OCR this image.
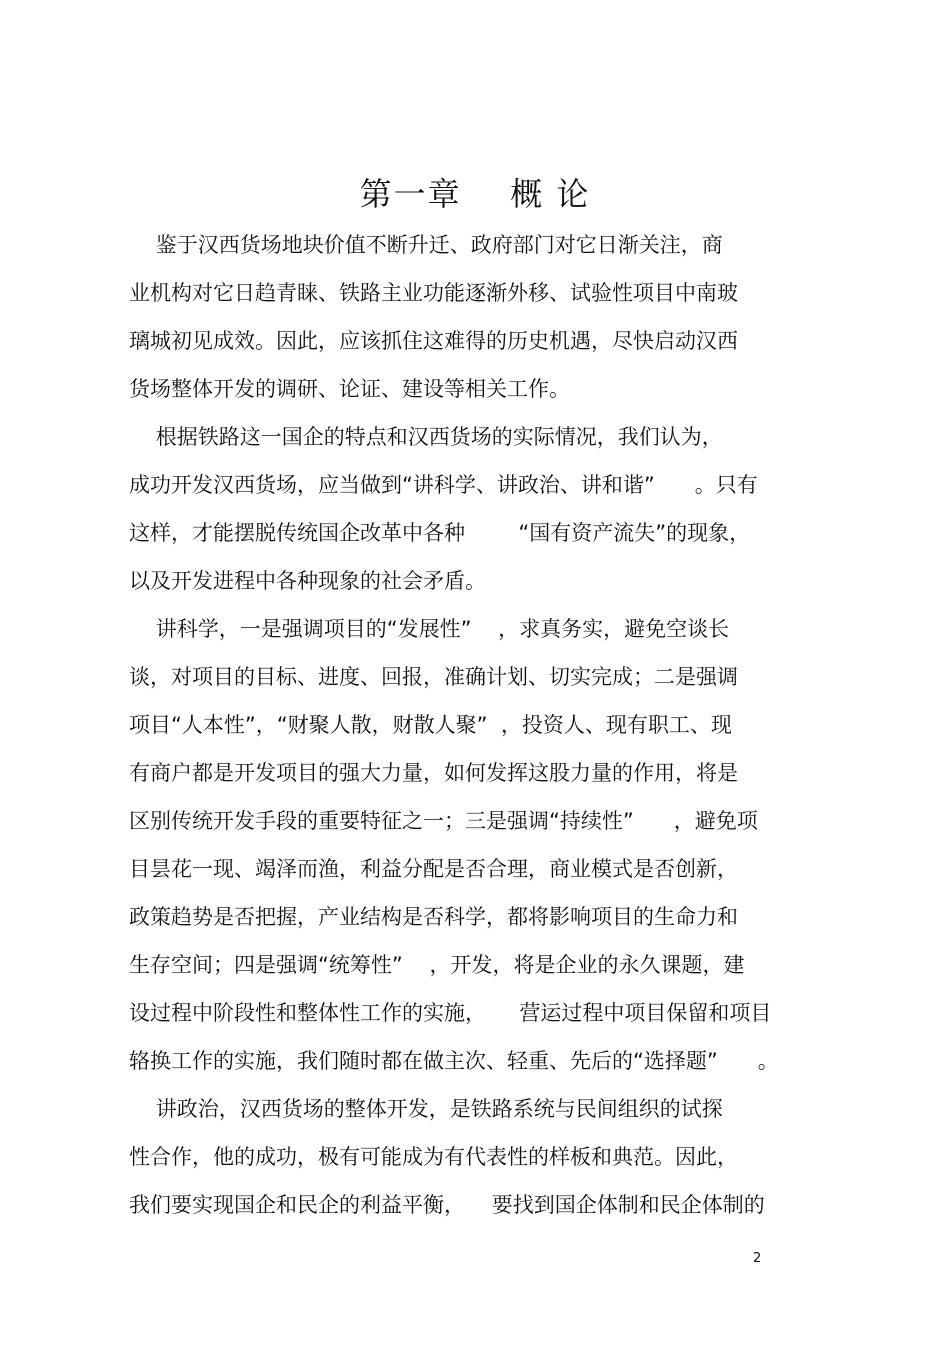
第一章    概 论
鉴于汉西货场地块价值不断升迁、政府部门对它日渐关注，商
业机构对它日趋青睐、铁路主业功能逐渐外移、试验性项目中南玻
璃城初见成效。因此，应该抓住这难得的历史机遇，尽快启动汉西
货场整体开发的调研、论证、建设等相关工作。
根据铁路这一国企的特点和汉西货场的实际情况，我们认为，
成功开发汉西货场，应当做到“讲科学、讲政治、讲和谐”      。只有
这样，才能摆脱传统国企改革中各种        “国有资产流失”的现象，
以及开发进程中各种现象的社会矛盾。
讲科学，一是强调项目的“发展性”    ，求真务实，避免空谈长
谈，对项目的目标、进度、回报，准确计划、切实完成；二是强调
项目“人本性”，“财聚人散，财散人聚”  ，投资人、现有职工、现
有商户都是开发项目的强大力量，如何发挥这股力量的作用，将是
区别传统开发手段的重要特征之一；三是强调“持续性”      ，避免项
目昙花一现、竭泽而渔，利益分配是否合理，商业模式是否创新，
政策趋势是否把握，产业结构是否科学，都将影响项目的生命力和
生存空间；四是强调“统筹性”    ，开发，将是企业的永久课题，建
设过程中阶段性和整体性工作的实施，     营运过程中项目保留和项目
辂换工作的实施，我们随时都在做主次、轻重、先后的“选择题”      。
讲政治，汉西货场的整体开发，是铁路系统与民间组织的试探
性合作，他的成功，极有可能成为有代表性的样板和典范。因此，
我们要实现国企和民企的利益平衡，    要找到国企体制和民企体制的
2
